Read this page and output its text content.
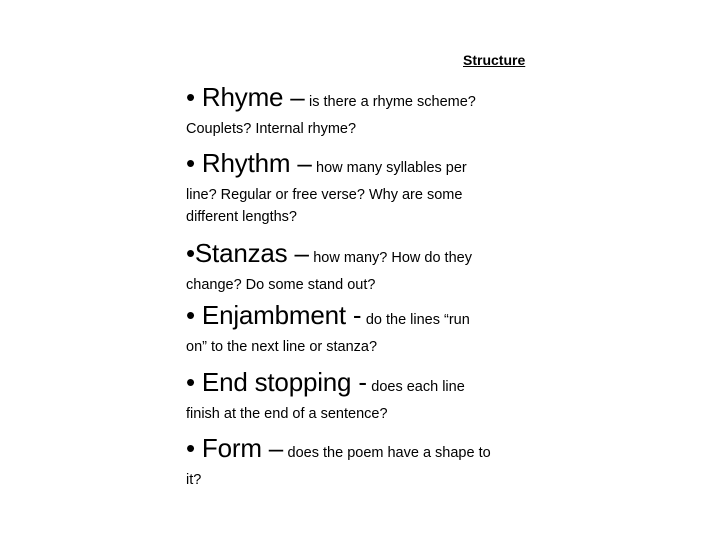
Structure
• Rhyme – is there a rhyme scheme?
Couplets? Internal rhyme?
• Rhythm – how many syllables per
line? Regular or free verse? Why are some different lengths?
•Stanzas – how many? How do they
change? Do some stand out?
• Enjambment - do the lines “run
on” to the next line or stanza?
• End stopping - does each line
finish at the end of a sentence?
• Form – does the poem have a shape to
it?
